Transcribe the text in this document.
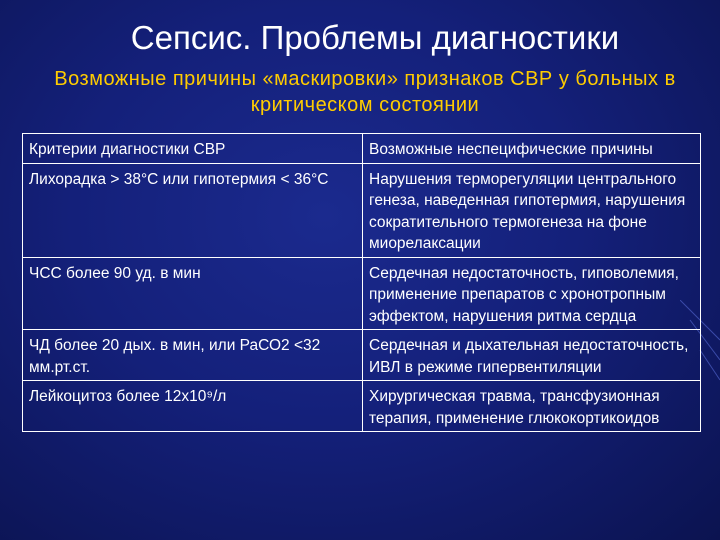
Сепсис. Проблемы диагностики
Возможные причины «маскировки» признаков СВР у больных в критическом состоянии
Критерии диагностики СВР	Возможные неспецифические причины
Лихорадка > 38°С или гипотермия < 36°С	Нарушения терморегуляции центрального генеза, наведенная гипотермия, нарушения сократительного термогенеза на фоне миорелаксации
ЧСС более 90 уд. в мин	Сердечная недостаточность, гиповолемия, применение препаратов с хронотропным эффектом, нарушения ритма сердца
ЧД более 20 дых. в мин, или РаСО2 <32 мм.рт.ст.	Сердечная и дыхательная недостаточность, ИВЛ в режиме гипервентиляции
Лейкоцитоз более 12х10⁹/л	Хирургическая травма, трансфузионная терапия, применение глюкокортикоидов
